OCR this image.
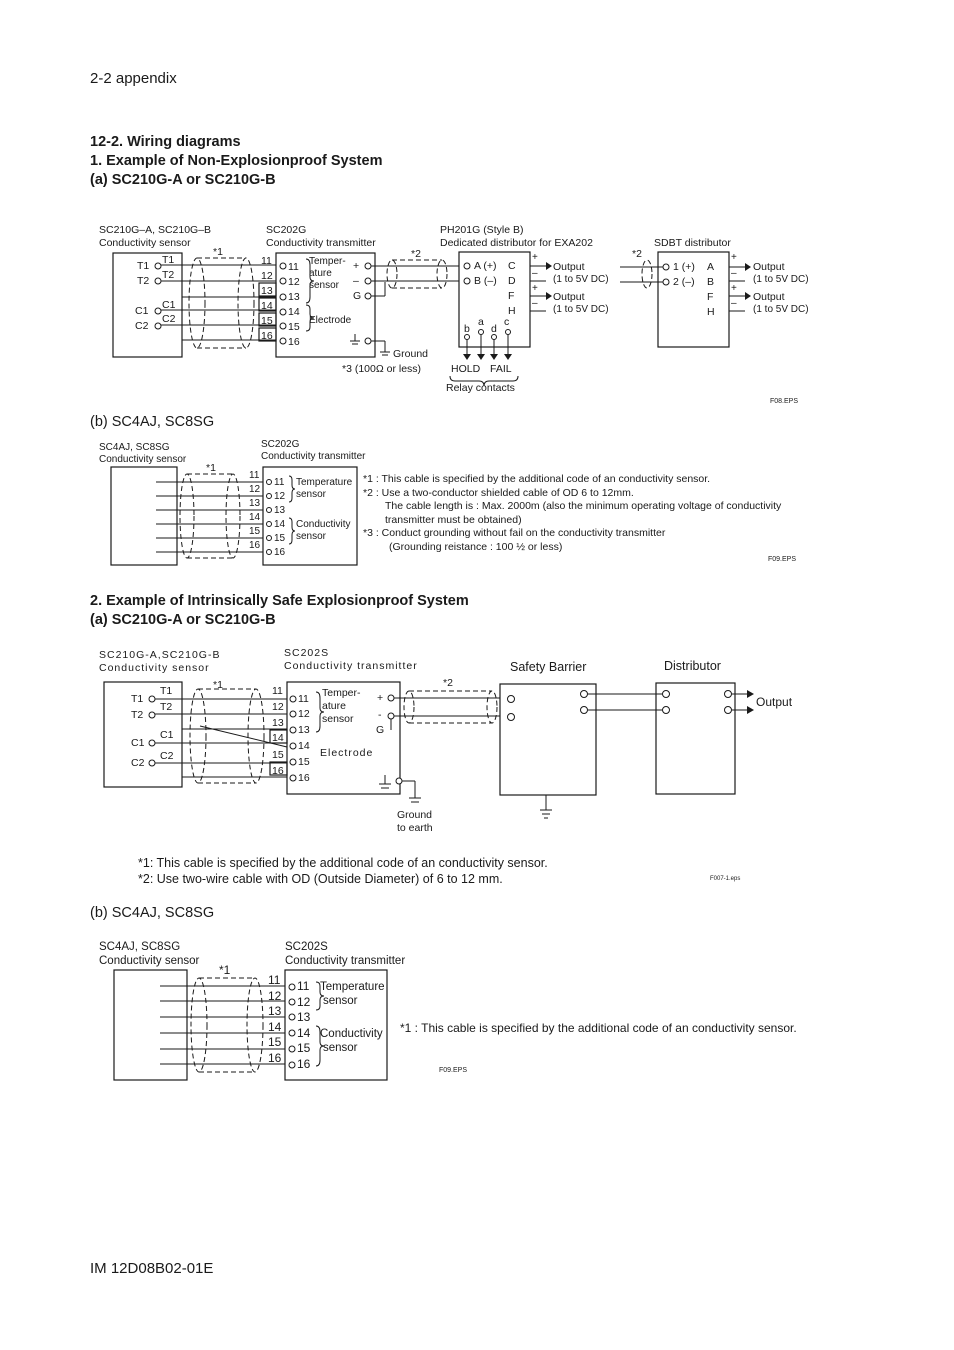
2-2 appendix
IM 12D08B02-01E
12-2. Wiring diagrams
1. Example of Non-Explosionproof System
(a) SC210G-A or SC210G-B
(b) SC4AJ, SC8SG
2. Example of Intrinsically Safe Explosionproof System
(a) SC210G-A or SC210G-B
(b) SC4AJ, SC8SG
SC210G–A, SC210G–B
Conductivity sensor
SC202G
Conductivity transmitter
PH201G (Style B)
Dedicated distributor for EXA202	SDBT distributor
*1	*2	*2
T1
T2
C1
C2
T1
T2
C1
C2
11
12
13
14
15
16
11
12
13
14
15
16
Temper-
ature
sensor
Electrode
+
–
G
Ground
*3 (100Ω or less)
A (+)
B (–)
C
D
F
H
+
–
+
–
Output
(1 to 5V DC)
Output
(1 to 5V DC)
b
a
d
c
HOLD FAIL
Relay contacts
1 (+)
2 (–)
A
B
F
H
+
–
+
–
Output
(1 to 5V DC)
Output
(1 to 5V DC)
F08.EPS
SC4AJ, SC8SG
Conductivity sensor
SC202G
Conductivity transmitter
*1
11
12
13
14
15
16
11
12
13
14
15
16
Temperature
sensor
Conductivity
sensor
*1 : This cable is specified by the additional code of an conductivity sensor.
*2 : Use a two-conductor shielded cable of OD 6 to 12mm.
The cable length is : Max. 2000m (also the minimum operating voltage of conductivity
transmitter must be obtained)
*3 : Conduct grounding without fail on the conductivity transmitter
(Grounding reistance : 100 ½ or less)
F09.EPS
SC210G-A,SC210G-B
Conductivity sensor
SC202S
Conductivity transmitter	Safety Barrier	Distributor
*1	*2
T1
T2
C1
C2
T1
T2
C1
C2
11
12
13
14
15
16
11
12
13
14
15
16
Temper-
ature
sensor
Electrode
+
-
G
Output
Ground
to earth
*1: This cable is specified by the additional code of an conductivity sensor.
*2: Use two-wire cable with OD (Outside Diameter) of 6 to 12 mm.	F007-1.eps
SC4AJ, SC8SG
Conductivity sensor
SC202S
Conductivity transmitter
*1
11
12
13
14
15
16
11
12
13
14
15
16
Temperature
sensor
Conductivity
sensor
*1 : This cable is specified by the additional code of an conductivity sensor.
F09.EPS
